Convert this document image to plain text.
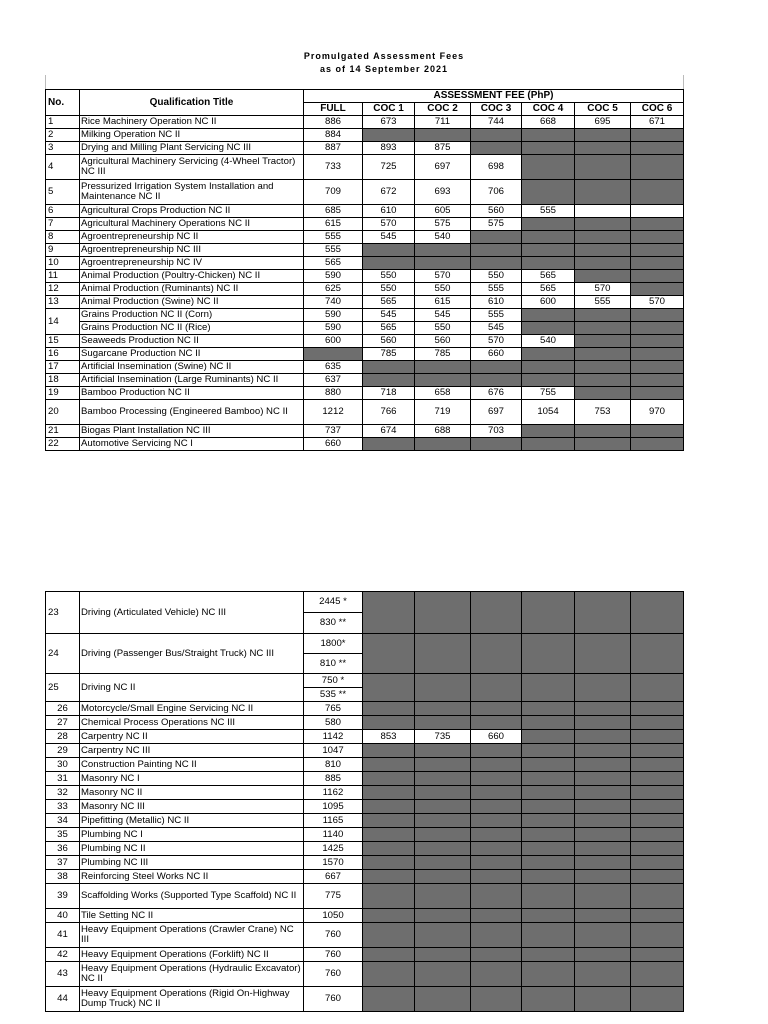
Promulgated Assessment Fees
as of 14 September 2021
No.	Qualification Title	ASSESSMENT FEE (PhP)						
		FULL	COC 1	COC 2	COC 3	COC 4	COC 5	COC 6
1	Rice Machinery Operation NC II	886	673	711	744	668	695	671
2	Milking Operation NC II	884						
3	Drying and Milling Plant Servicing NC III	887	893	875				
4	Agricultural Machinery Servicing (4-Wheel Tractor) NC III	733	725	697	698			
5	Pressurized Irrigation System Installation and Maintenance NC II	709	672	693	706			
6	Agricultural Crops Production NC II	685	610	605	560	555		
7	Agricultural Machinery Operations NC II	615	570	575	575			
8	Agroentrepreneurship NC II	555	545	540				
9	Agroentrepreneurship NC III	555						
10	Agroentrepreneurship NC IV	565						
11	Animal Production (Poultry-Chicken) NC II	590	550	570	550	565		
12	Animal Production (Ruminants) NC II	625	550	550	555	565	570	
13	Animal Production (Swine) NC II	740	565	615	610	600	555	570
14	Grains Production NC II (Corn)	590	545	545	555			
	Grains Production NC II (Rice)	590	565	550	545			
15	Seaweeds Production NC II	600	560	560	570	540		
16	Sugarcane Production NC II		785	785	660			
17	Artificial Insemination (Swine) NC II	635						
18	Artificial Insemination (Large Ruminants) NC II	637						
19	Bamboo Production NC II	880	718	658	676	755		
20	Bamboo Processing (Engineered Bamboo) NC II	1212	766	719	697	1054	753	970
21	Biogas Plant Installation NC III	737	674	688	703			
22	Automotive Servicing NC I	660						
23	Driving (Articulated Vehicle) NC III	2445 *						
		830 **						
24	Driving (Passenger Bus/Straight Truck) NC III	1800*						
		810 **						
25	Driving NC II	750 *						
		535 **						
26	Motorcycle/Small Engine Servicing NC II	765						
27	Chemical Process Operations NC III	580						
28	Carpentry NC II	1142	853	735	660			
29	Carpentry NC III	1047						
30	Construction Painting NC II	810						
31	Masonry NC I	885						
32	Masonry NC II	1162						
33	Masonry NC III	1095						
34	Pipefitting (Metallic) NC II	1165						
35	Plumbing NC I	1140						
36	Plumbing NC II	1425						
37	Plumbing NC III	1570						
38	Reinforcing Steel Works NC II	667						
39	Scaffolding Works (Supported Type Scaffold) NC II	775						
40	Tile Setting NC II	1050						
41	Heavy Equipment Operations (Crawler Crane) NC III	760						
42	Heavy Equipment Operations (Forklift) NC II	760						
43	Heavy Equipment Operations (Hydraulic Excavator) NC II	760						
44	Heavy Equipment Operations (Rigid On-Highway Dump Truck) NC II	760						
